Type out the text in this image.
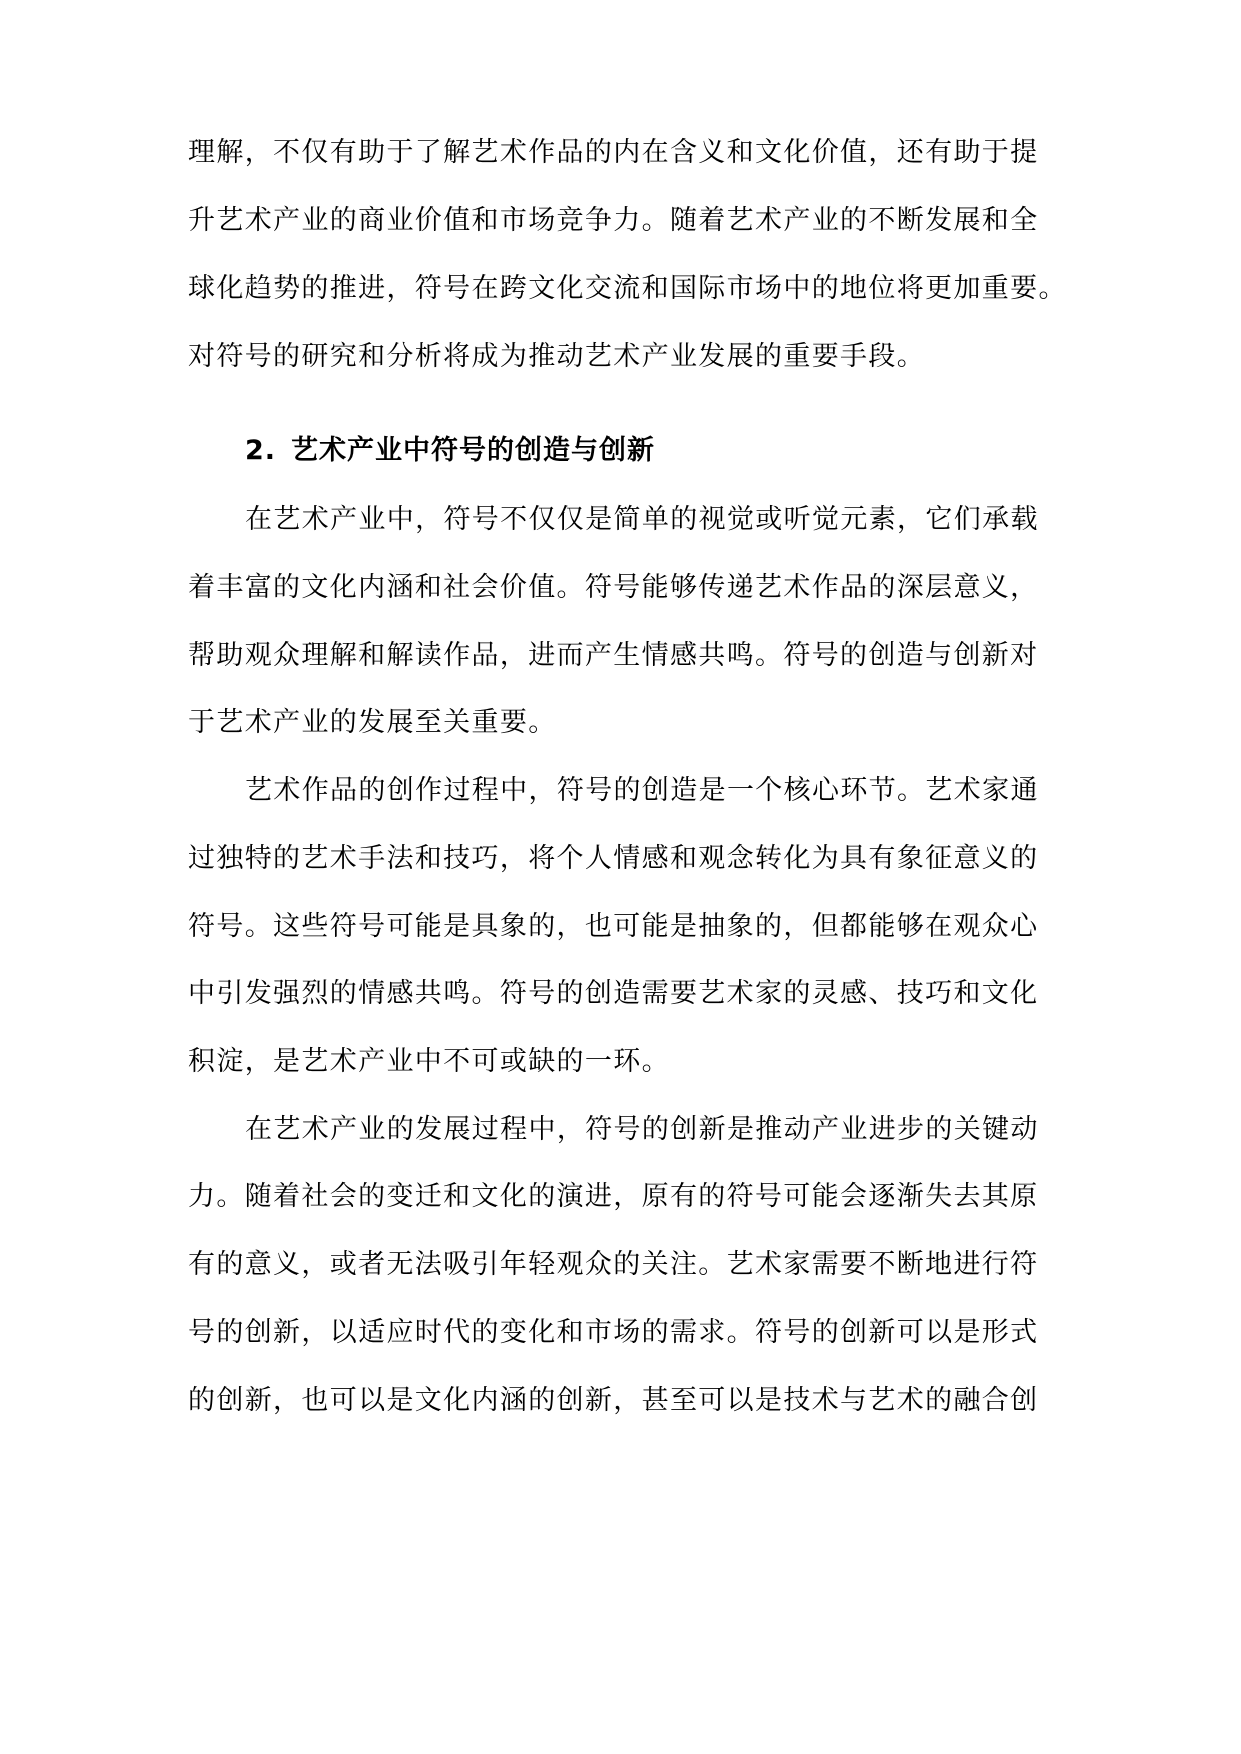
理解，不仅有助于了解艺术作品的内在含义和文化价值，还有助于提
升艺术产业的商业价值和市场竞争力。随着艺术产业的不断发展和全
球化趋势的推进，符号在跨文化交流和国际市场中的地位将更加重要。
对符号的研究和分析将成为推动艺术产业发展的重要手段。
2. 艺术产业中符号的创造与创新
在艺术产业中，符号不仅仅是简单的视觉或听觉元素，它们承载
着丰富的文化内涵和社会价值。符号能够传递艺术作品的深层意义，
帮助观众理解和解读作品，进而产生情感共鸣。符号的创造与创新对
于艺术产业的发展至关重要。
艺术作品的创作过程中，符号的创造是一个核心环节。艺术家通
过独特的艺术手法和技巧，将个人情感和观念转化为具有象征意义的
符号。这些符号可能是具象的，也可能是抽象的，但都能够在观众心
中引发强烈的情感共鸣。符号的创造需要艺术家的灵感、技巧和文化
积淀，是艺术产业中不可或缺的一环。
在艺术产业的发展过程中，符号的创新是推动产业进步的关键动
力。随着社会的变迁和文化的演进，原有的符号可能会逐渐失去其原
有的意义，或者无法吸引年轻观众的关注。艺术家需要不断地进行符
号的创新，以适应时代的变化和市场的需求。符号的创新可以是形式
的创新，也可以是文化内涵的创新，甚至可以是技术与艺术的融合创
